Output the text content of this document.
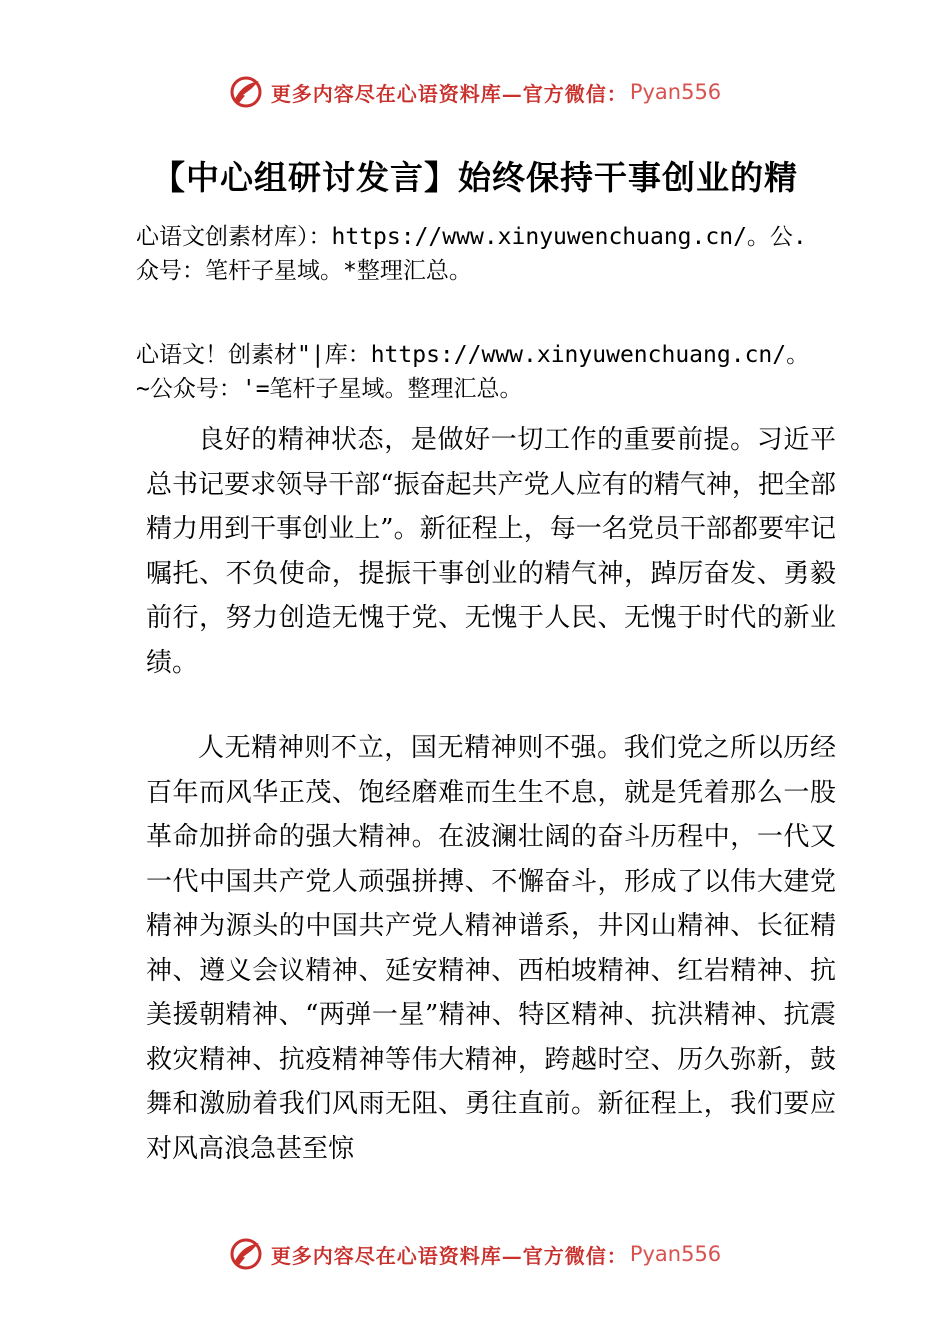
更多内容尽在心语资料库—官方微信： Pyan556
【中心组研讨发言】始终保持干事创业的精
心语文创素材库）：https://www.xinyuwenchuang.cn/。公.
众号：笔杆子星域。*整理汇总。
心语文！创素材"|库：https://www.xinyuwenchuang.cn/。
~公众号：'=笔杆子星域。整理汇总。

良好的精神状态，是做好一切工作的重要前提。习近平总书记要求领导干部“振奋起共产党人应有的精气神，把全部精力用到干事创业上”。新征程上，每一名党员干部都要牢记嘱托、不负使命，提振干事创业的精气神，踔厉奋发、勇毅前行，努力创造无愧于党、无愧于人民、无愧于时代的新业绩。

人无精神则不立，国无精神则不强。我们党之所以历经百年而风华正茂、饱经磨难而生生不息，就是凭着那么一股革命加拼命的强大精神。在波澜壮阔的奋斗历程中，一代又一代中国共产党人顽强拼搏、不懈奋斗，形成了以伟大建党精神为源头的中国共产党人精神谱系，井冈山精神、长征精神、遵义会议精神、延安精神、西柏坡精神、红岩精神、抗美援朝精神、“两弹一星”精神、特区精神、抗洪精神、抗震救灾精神、抗疫精神等伟大精神，跨越时空、历久弥新，鼓舞和激励着我们风雨无阻、勇往直前。新征程上，我们要应对风高浪急甚至惊

更多内容尽在心语资料库—官方微信： Pyan556
